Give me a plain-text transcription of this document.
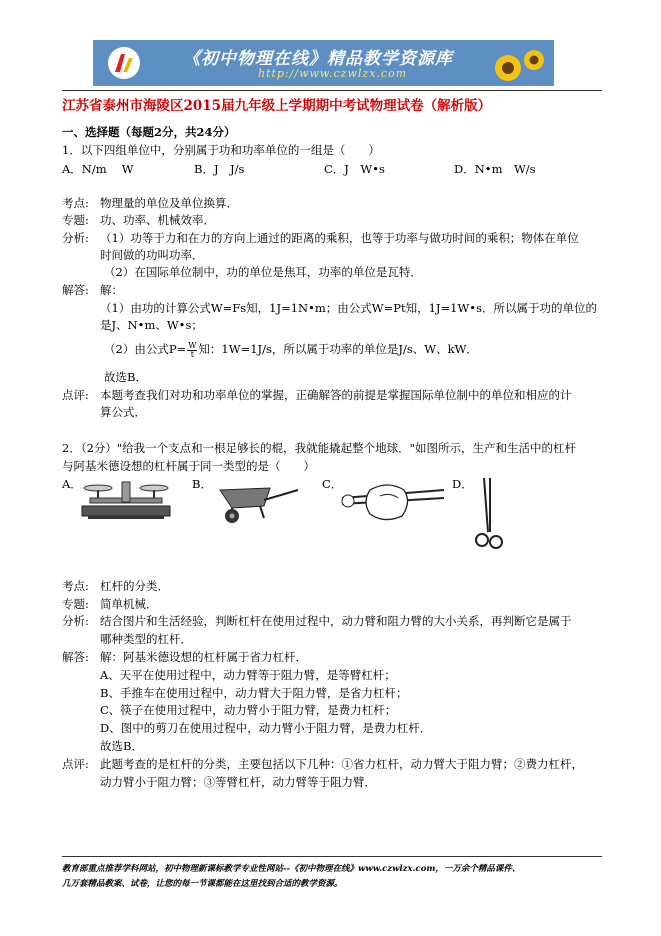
《初中物理在线》精品教学资源库
http://www.czwlzx.com
江苏省泰州市海陵区2015届九年级上学期期中考试物理试卷（解析版）
一、选择题（每题2分，共24分）
1．以下四组单位中，分别属于功和功率单位的一组是（　　）
A．N/m　 W	B．J　J/s	C．J　W•s	D．N•m　W/s
考点: 物理量的单位及单位换算．
专题: 功、功率、机械效率．
分析: （1）功等于力和在力的方向上通过的距离的乘积，也等于功率与做功时间的乘积；物体在单位
时间做的功叫功率．
（2）在国际单位制中，功的单位是焦耳，功率的单位是瓦特．
解答: 解：
（1）由功的计算公式W=Fs知，1J=1N•m；由公式W=Pt知，1J=1W•s．所以属于功的单位的
是J、N•m、W•s；
（2）由公式$P= \frac{W}{t}$ 知：1W=1J/s，所以属于功率的单位是J/s、W、kW．
故选B．
点评: 本题考查我们对功和功率单位的掌握，正确解答的前提是掌握国际单位制中的单位和相应的计
算公式．
2．（2分）"给我一个支点和一根足够长的棍，我就能撬起整个地球．"如图所示，生产和生活中的杠杆
与阿基米德设想的杠杆属于同一类型的是（　　）
A．	B．	C．	D．
考点: 杠杆的分类．
专题: 简单机械．
分析: 结合图片和生活经验，判断杠杆在使用过程中，动力臂和阻力臂的大小关系，再判断它是属于
哪种类型的杠杆．
解答: 解：阿基米德设想的杠杆属于省力杠杆．
A、天平在使用过程中，动力臂等于阻力臂，是等臂杠杆；
B、手推车在使用过程中，动力臂大于阻力臂，是省力杠杆；
C、筷子在使用过程中，动力臂小于阻力臂，是费力杠杆；
D、图中的剪刀在使用过程中，动力臂小于阻力臂，是费力杠杆．
故选B．
点评: 此题考查的是杠杆的分类，主要包括以下几种：①省力杠杆，动力臂大于阻力臂；②费力杠杆，
动力臂小于阻力臂；③等臂杠杆，动力臂等于阻力臂．
教育部重点推荐学科网站，初中物理新课标教学专业性网站--《初中物理在线》www.czwlzx.com，一万余个精品课件、
几万套精品教案、试卷，让您的每一节课都能在这里找到合适的教学资源。
